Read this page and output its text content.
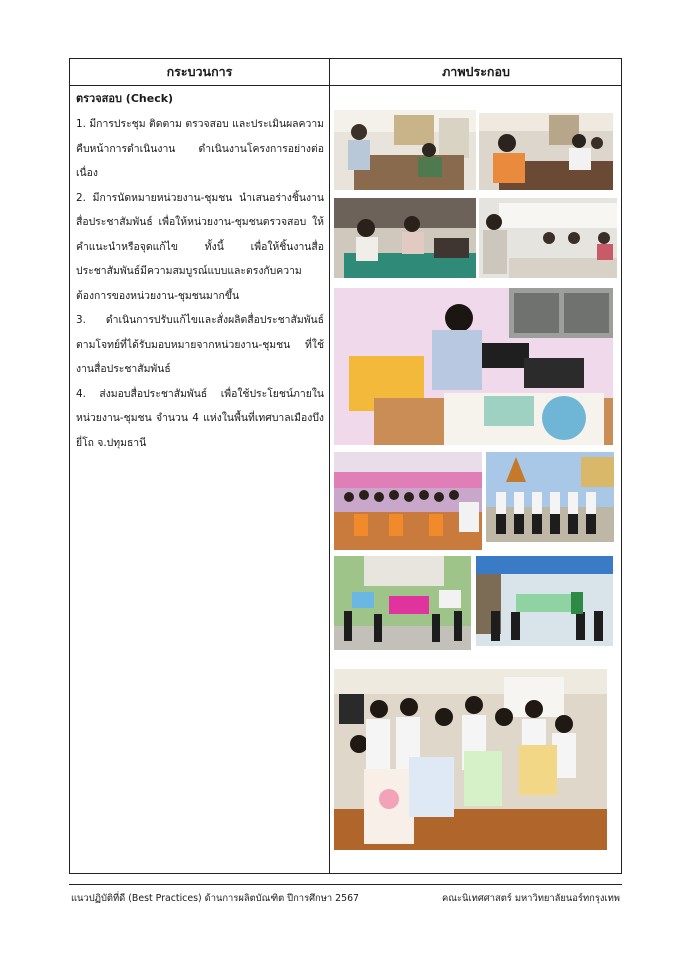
กระบวนการ	ภาพประกอบ
ตรวจสอบ (Check)

1. มีการประชุม ติดตาม ตรวจสอบ และประเมินผลความคืบหน้าการดำเนินงาน ดำเนินงานโครงการอย่างต่อเนื่อง

2. มีการนัดหมายหน่วยงาน-ชุมชน นำเสนอร่างชิ้นงานสื่อประชาสัมพันธ์ เพื่อให้หน่วยงาน-ชุมชนตรวจสอบ ให้คำแนะนำหรือจุดแก้ไข ทั้งนี้ เพื่อให้ชิ้นงานสื่อประชาสัมพันธ์มีความสมบูรณ์แบบและตรงกับความต้องการของหน่วยงาน-ชุมชนมากขึ้น

3. ดำเนินการปรับแก้ไขและสั่งผลิตสื่อประชาสัมพันธ์ ตามโจทย์ที่ได้รับมอบหมายจากหน่วยงาน-ชุมชน ที่ใช้งานสื่อประชาสัมพันธ์

4. ส่งมอบสื่อประชาสัมพันธ์ เพื่อใช้ประโยชน์ภายในหน่วยงาน-ชุมชน จำนวน 4 แห่งในพื้นที่เทศบาลเมืองบึงยี่โถ จ.ปทุมธานี

แนวปฏิบัติที่ดี (Best Practices) ด้านการผลิตบัณฑิต ปีการศึกษา 2567	คณะนิเทศศาสตร์ มหาวิทยาลัยนอร์ทกรุงเทพ
